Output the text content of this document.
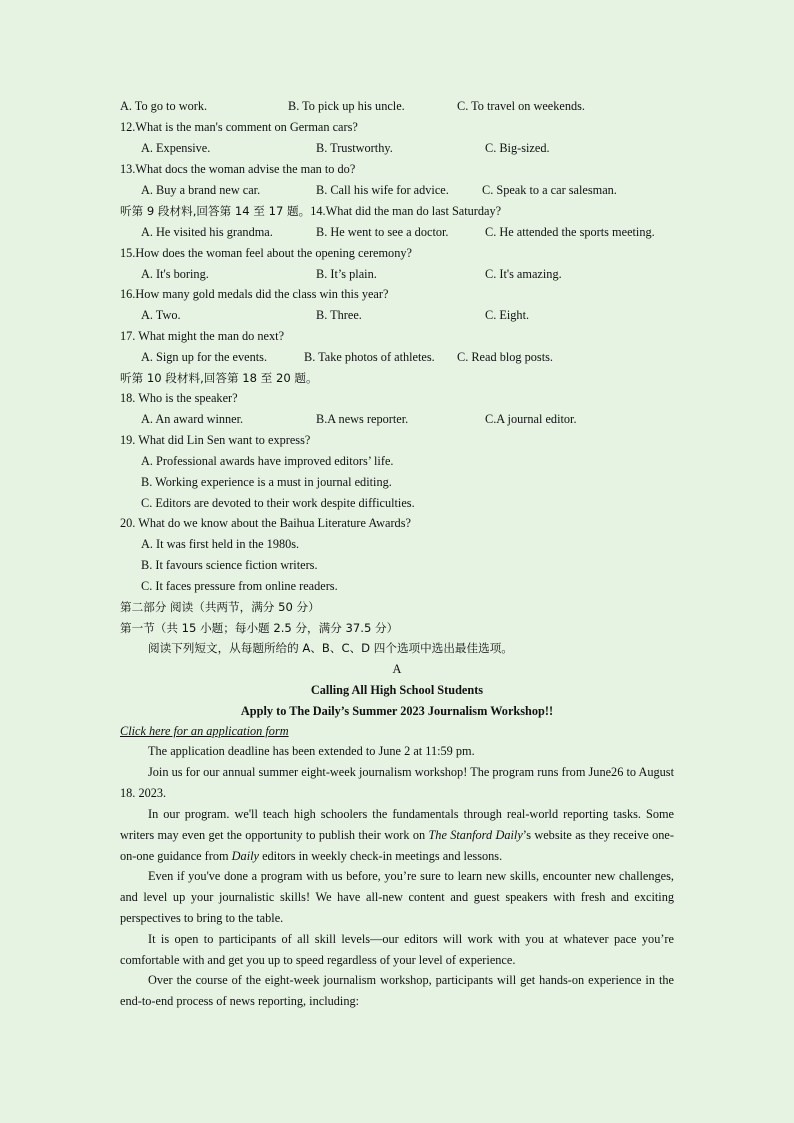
A. To go to work.	B. To pick up his uncle.	C. To travel on weekends.
12.What is the man's comment on German cars?
A. Expensive.	B. Trustworthy.	C. Big-sized.
13.What docs the woman advise the man to do?
A. Buy a brand new car.	B. Call his wife for advice.	C. Speak to a car salesman.
听第 9 段材料,回答第 14 至 17 题。14.What did the man do last Saturday?
A. He visited his grandma.	B. He went to see a doctor.	C. He attended the sports meeting.
15.How does the woman feel about the opening ceremony?
A. It's boring.	B. It’s plain.	C. It's amazing.
16.How many gold medals did the class win this year?
A. Two.	B. Three.	C. Eight.
17. What might the man do next?
A. Sign up for the events.	B. Take photos of athletes. C. Read blog posts.
听第 10 段材料,回答第 18 至 20 题。
18. Who is the speaker?
A. An award winner.	B.A news reporter.	C.A journal editor.
19. What did Lin Sen want to express?
A. Professional awards have improved editors’ life.
B. Working experience is a must in journal editing.
C. Editors are devoted to their work despite difficulties.
20. What do we know about the Baihua Literature Awards?
A. It was first held in the 1980s.
B. It favours science fiction writers.
C. It faces pressure from online readers.
第二部分 阅读（共两节，满分 50 分）
第一节（共 15 小题；每小题 2.5 分，满分 37.5 分）
阅读下列短文，从每题所给的 A、B、C、D 四个选项中选出最佳选项。
A
Calling All High School Students
Apply to The Daily’s Summer 2023 Journalism Workshop!!
Click here for an application form
The application deadline has been extended to June 2 at 11:59 pm.
Join us for our annual summer eight-week journalism workshop! The program runs from June26 to August 18. 2023.
In our program. we'll teach high schoolers the fundamentals through real-world reporting tasks. Some writers may even get the opportunity to publish their work on The Stanford Daily’s website as they receive one-on-one guidance from Daily editors in weekly check-in meetings and lessons.
Even if you've done a program with us before, you’re sure to learn new skills, encounter new challenges, and level up your journalistic skills! We have all-new content and guest speakers with fresh and exciting perspectives to bring to the table.
It is open to participants of all skill levels—our editors will work with you at whatever pace you’re comfortable with and get you up to speed regardless of your level of experience.
Over the course of the eight-week journalism workshop, participants will get hands-on experience in the end-to-end process of news reporting, including:
